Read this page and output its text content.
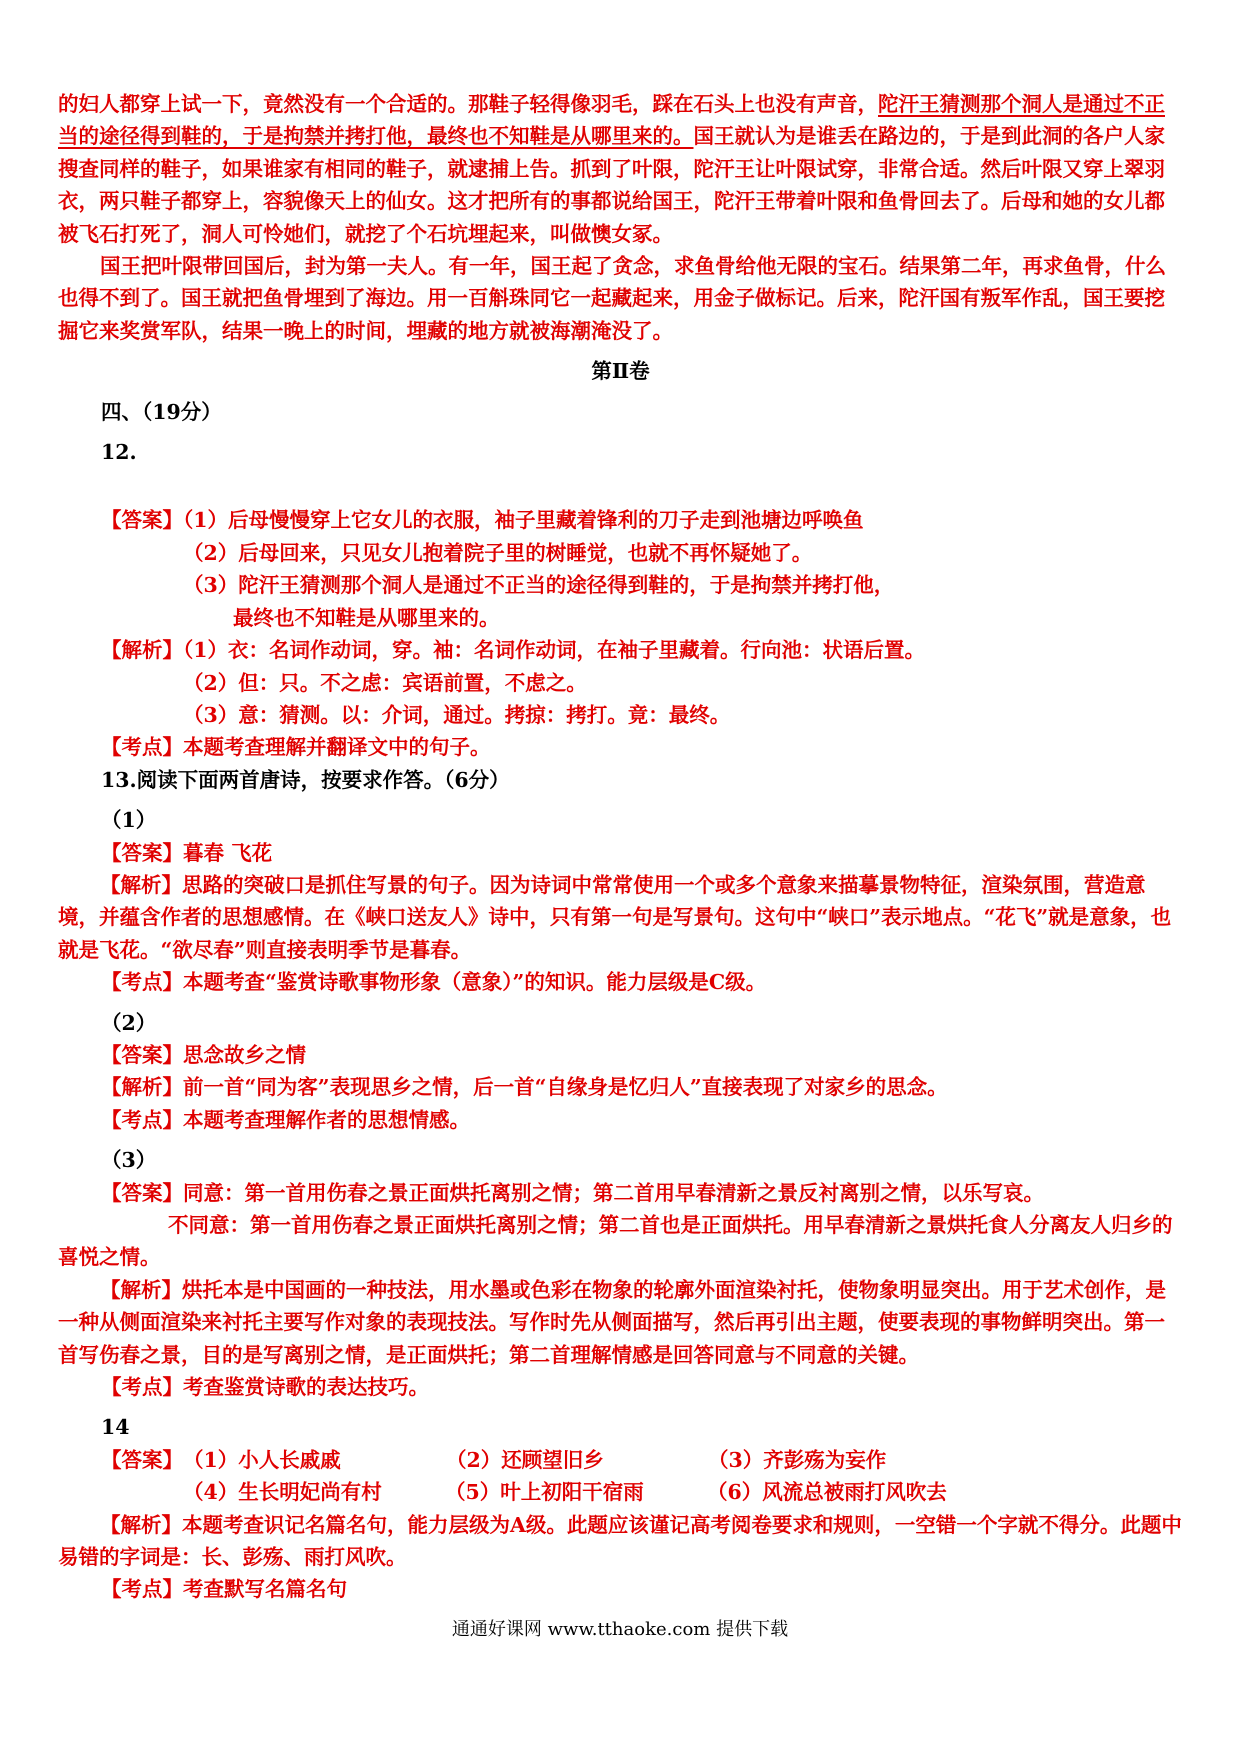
的妇人都穿上试一下，竟然没有一个合适的。那鞋子轻得像羽毛，踩在石头上也没有声音，陀汗王猜测那个洞人是通过不正当的途径得到鞋的，于是拘禁并拷打他，最终也不知鞋是从哪里来的。国王就认为是谁丢在路边的，于是到此洞的各户人家搜查同样的鞋子，如果谁家有相同的鞋子，就逮捕上告。抓到了叶限，陀汗王让叶限试穿，非常合适。然后叶限又穿上翠羽衣，两只鞋子都穿上，容貌像天上的仙女。这才把所有的事都说给国王，陀汗王带着叶限和鱼骨回去了。后母和她的女儿都被飞石打死了，洞人可怜她们，就挖了个石坑埋起来，叫做懊女冢。

国王把叶限带回国后，封为第一夫人。有一年，国王起了贪念，求鱼骨给他无限的宝石。结果第二年，再求鱼骨，什么也得不到了。国王就把鱼骨埋到了海边。用一百斛珠同它一起藏起来，用金子做标记。后来，陀汗国有叛军作乱，国王要挖掘它来奖赏军队，结果一晚上的时间，埋藏的地方就被海潮淹没了。

第Ⅱ卷

四、（19分）

12.

【答案】（1）后母慢慢穿上它女儿的衣服，袖子里藏着锋利的刀子走到池塘边呼唤鱼

（2）后母回来，只见女儿抱着院子里的树睡觉，也就不再怀疑她了。

（3）陀汗王猜测那个洞人是通过不正当的途径得到鞋的，于是拘禁并拷打他，

最终也不知鞋是从哪里来的。

【解析】（1）衣：名词作动词，穿。袖：名词作动词，在袖子里藏着。行向池：状语后置。

（2）但：只。不之虑：宾语前置，不虑之。

（3）意：猜测。以：介词，通过。拷掠：拷打。竟：最终。

【考点】本题考查理解并翻译文中的句子。

13.阅读下面两首唐诗，按要求作答。（6分）

（1）

【答案】暮春 飞花

【解析】思路的突破口是抓住写景的句子。因为诗词中常常使用一个或多个意象来描摹景物特征，渲染氛围，营造意境，并蕴含作者的思想感情。在《峡口送友人》诗中，只有第一句是写景句。这句中“峡口”表示地点。“花飞”就是意象，也就是飞花。“欲尽春”则直接表明季节是暮春。

【考点】本题考查“鉴赏诗歌事物形象（意象）”的知识。能力层级是C级。

（2）

【答案】思念故乡之情

【解析】前一首“同为客”表现思乡之情，后一首“自缘身是忆归人”直接表现了对家乡的思念。

【考点】本题考查理解作者的思想情感。

（3）

【答案】同意：第一首用伤春之景正面烘托离别之情；第二首用早春清新之景反衬离别之情，以乐写哀。

不同意：第一首用伤春之景正面烘托离别之情；第二首也是正面烘托。用早春清新之景烘托食人分离友人归乡的喜悦之情。

【解析】烘托本是中国画的一种技法，用水墨或色彩在物象的轮廓外面渲染衬托，使物象明显突出。用于艺术创作，是一种从侧面渲染来衬托主要写作对象的表现技法。写作时先从侧面描写，然后再引出主题，使要表现的事物鲜明突出。第一首写伤春之景，目的是写离别之情，是正面烘托；第二首理解情感是回答同意与不同意的关键。

【考点】考查鉴赏诗歌的表达技巧。

14

【答案】（1）小人长戚戚	（2）还顾望旧乡	（3）齐彭殇为妄作

（4）生长明妃尚有村	（5）叶上初阳干宿雨	（6）风流总被雨打风吹去

【解析】本题考查识记名篇名句，能力层级为A级。此题应该谨记高考阅卷要求和规则，一空错一个字就不得分。此题中易错的字词是：长、彭殇、雨打风吹。

【考点】考查默写名篇名句

通通好课网 www.tthaoke.com 提供下载
